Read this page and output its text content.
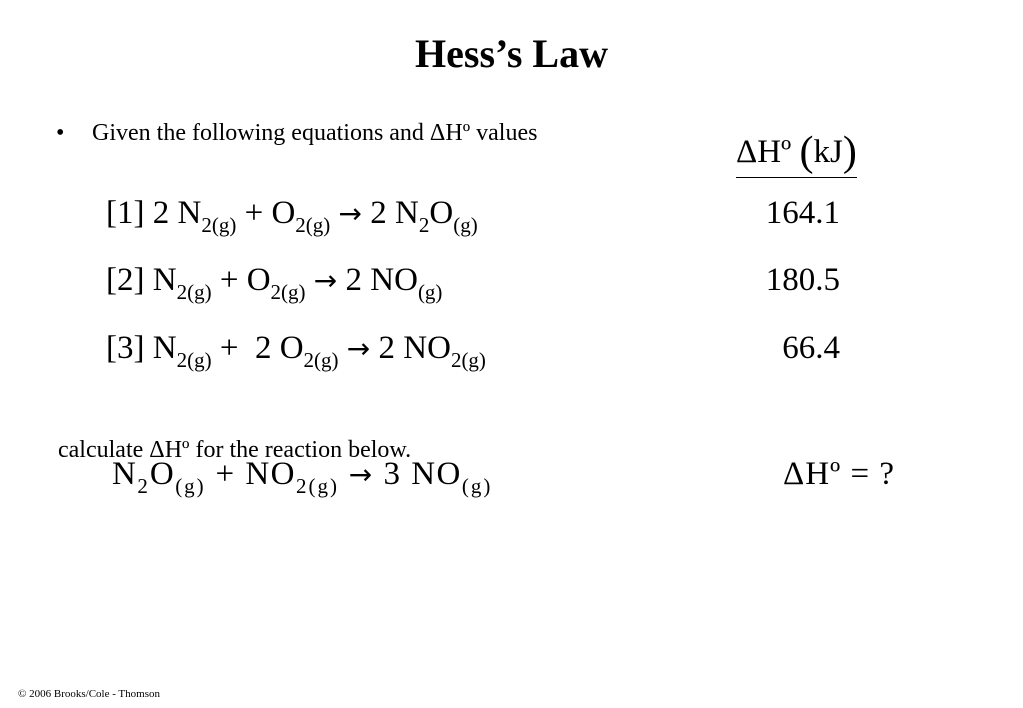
Hess’s Law
• Given the following equations and ΔHº values
ΔHº (kJ)
[1] 2 $N_{2(g)} + O_{2(g)} \to 2$ $N_2O_{(g)}$	164.1
[2] $N_{2(g)} + O_{2(g)} \to 2$ $NO_{(g)}$	180.5
[3] $N_{2(g)} + 2$ $O_{2(g)} \to 2$ $NO_{2(g)}$	66.4
calculate ΔHº for the reaction below.
$N_2O_{(g)} + NO_{2(g)} \to 3$ $NO_{(g)}$	ΔHº = ?
© 2006 Brooks/Cole - Thomson
